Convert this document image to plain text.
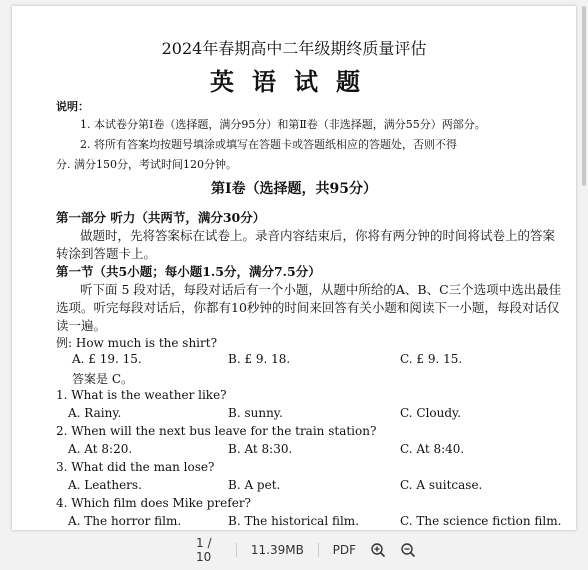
2024年春期高中二年级期终质量评估
英语试题
说明：
1. 本试卷分第Ⅰ卷（选择题，满分95分）和第Ⅱ卷（非选择题，满分55分）两部分。
2. 将所有答案均按题号填涂或填写在答题卡或答题纸相应的答题处，否则不得
分. 满分150分，考试时间120分钟。
第Ⅰ卷（选择题，共95分）
第一部分 听力（共两节，满分30分）
做题时，先将答案标在试卷上。录音内容结束后，你将有两分钟的时间将试卷上的答案
转涂到答题卡上。
第一节（共5小题；每小题1.5分，满分7.5分）
听下面 5 段对话，每段对话后有一个小题，从题中所给的A、B、C三个选项中选出最佳
选项。听完每段对话后，你都有10秒钟的时间来回答有关小题和阅读下一小题，每段对话仅
读一遍。
例: How much is the shirt?
A. £ 19. 15.	B. £ 9. 18.	C. £ 9. 15.
答案是 C。
1. What is the weather like?
A. Rainy.	B. sunny.	C. Cloudy.
2. When will the next bus leave for the train station?
A. At 8:20.	B. At 8:30.	C. At 8:40.
3. What did the man lose?
A. Leathers.	B. A pet.	C. A suitcase.
4. Which film does Mike prefer?
A. The horror film.	B. The historical film.	C. The science fiction film.
1 / 10	11.39MB PDF
